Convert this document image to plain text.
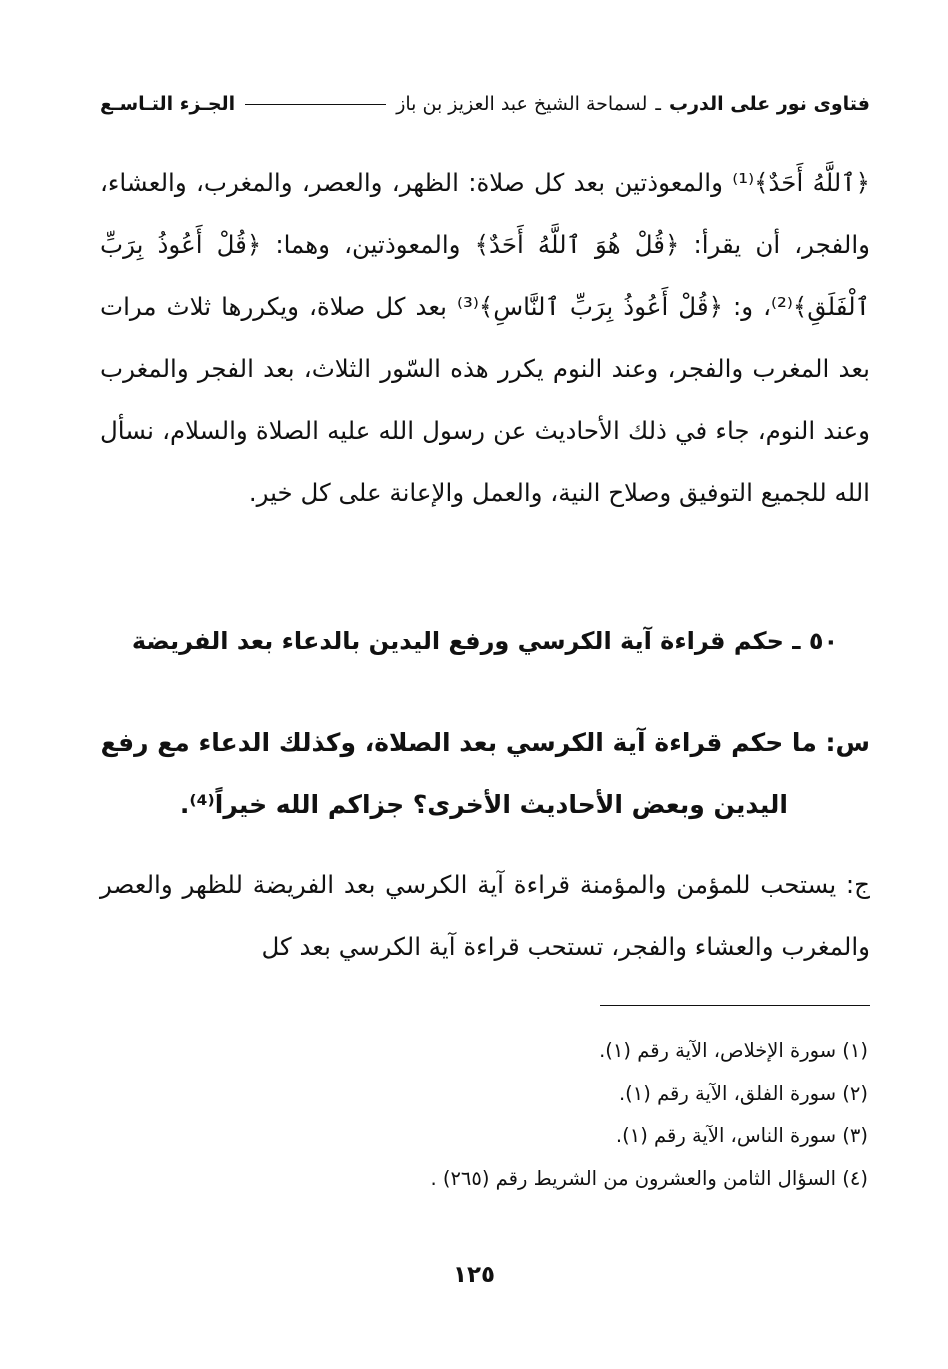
فتاوى نور على الدرب
ـ
لسماحة الشيخ عبد العزيز بن باز
الجـزء التـاسـع

﴿ٱللَّهُ أَحَدٌ﴾⁽¹⁾ والمعوذتين بعد كل صلاة: الظهر، والعصر، والمغرب، والعشاء، والفجر، أن يقرأ: ﴿قُلْ هُوَ ٱللَّهُ أَحَدٌ﴾ والمعوذتين، وهما: ﴿قُلْ أَعُوذُ بِرَبِّ ٱلْفَلَقِ﴾⁽²⁾، و: ﴿قُلْ أَعُوذُ بِرَبِّ ٱلنَّاسِ﴾⁽³⁾ بعد كل صلاة، ويكررها ثلاث مرات بعد المغرب والفجر، وعند النوم يكرر هذه السّور الثلاث، بعد الفجر والمغرب وعند النوم، جاء في ذلك الأحاديث عن رسول الله عليه الصلاة والسلام، نسأل الله للجميع التوفيق وصلاح النية، والعمل والإعانة على كل خير.

٥٠ ـ حكم قراءة آية الكرسي ورفع اليدين بالدعاء بعد الفريضة

س: ما حكم قراءة آية الكرسي بعد الصلاة، وكذلك الدعاء مع رفع

اليدين وبعض الأحاديث الأخرى؟ جزاكم الله خيراً⁽⁴⁾.

ج: يستحب للمؤمن والمؤمنة قراءة آية الكرسي بعد الفريضة للظهر والعصر والمغرب والعشاء والفجر، تستحب قراءة آية الكرسي بعد كل

(١) سورة الإخلاص، الآية رقم (١).
(٢) سورة الفلق، الآية رقم (١).
(٣) سورة الناس، الآية رقم (١).
(٤) السؤال الثامن والعشرون من الشريط رقم (٢٦٥) .
١٢٥
